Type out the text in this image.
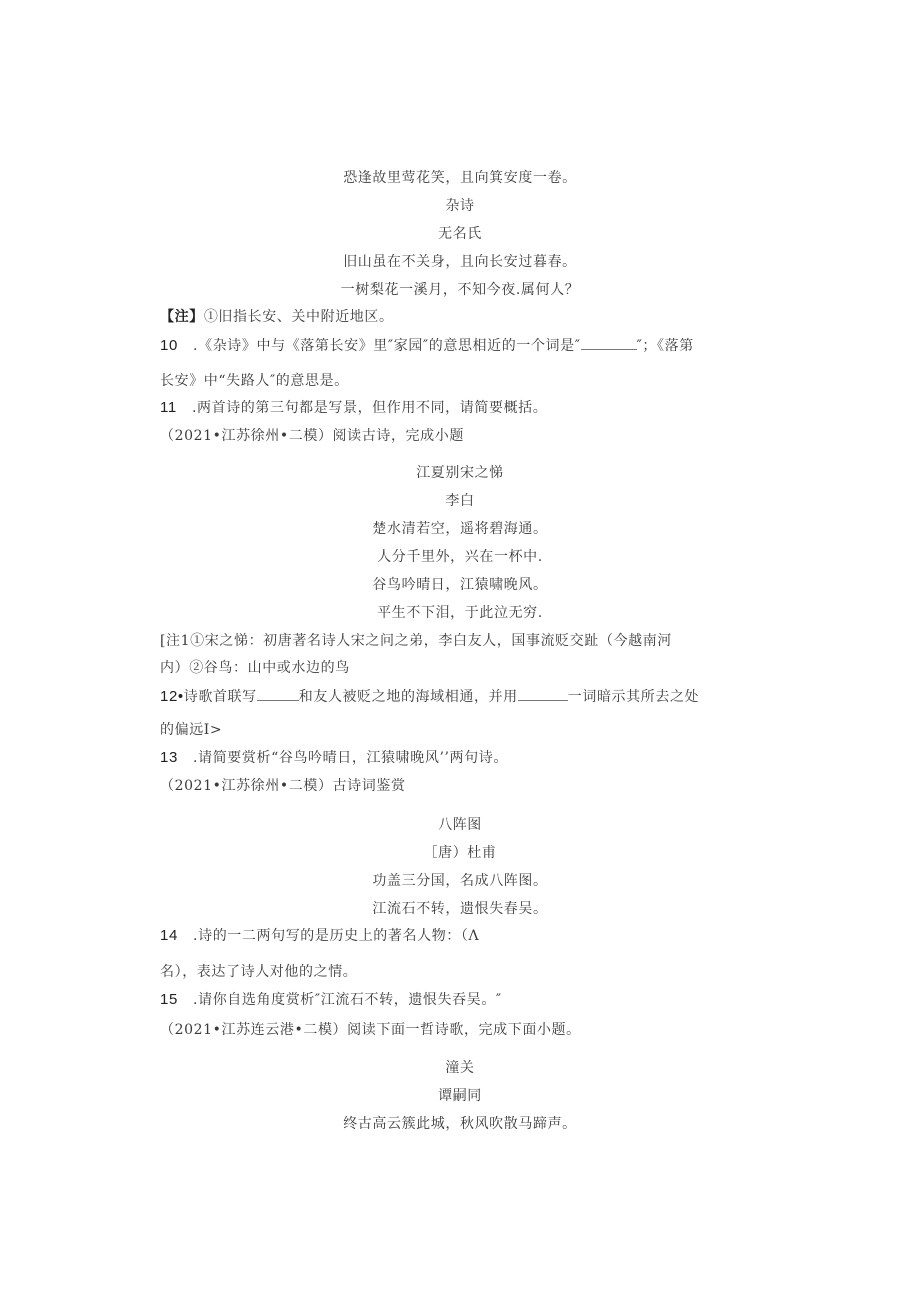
恐逢故里莺花笑，且向箕安度一卷。
杂诗
无名氏
旧山虽在不关身，且向长安过暮春。
一树梨花一溪月，不知今夜.属何人？
【注】①旧指长安、关中附近地区。
10 .《杂诗》中与《落第长安》里″家园″的意思相近的一个词是″	″；《落第
长安》中“失路人″的意思是。
11 .两首诗的第三句都是写景，但作用不同，请简要概括。
（2021•江苏徐州•二模）阅读古诗，完成小题
江夏别宋之悌
李白
楚水清若空，遥将碧海通。
人分千里外，兴在一杯中.
谷鸟吟晴日，江猿啸晚风。
平生不下泪，于此泣无穷.
[注1①宋之悌：初唐著名诗人宋之问之弟，李白友人，国事流贬交趾（今越南河
内）②谷鸟：山中或水边的鸟
12•诗歌首联写	和友人被贬之地的海域相通，并用	一词暗示其所去之处
的偏远I>
13 .请简要赏析“谷鸟吟晴日，江猿啸晚风’’两句诗。
（2021•江苏徐州•二模）古诗词鉴赏
八阵图
［唐）杜甫
功盖三分国，名成八阵图。
江流石不转，遗恨失春吴。
14 .诗的一二两句写的是历史上的著名人物：（Λ
名），表达了诗人对他的之情。
15 .请你自选角度赏析″江流石不转，遗恨失吞吴。″
（2021•江苏连云港•二模）阅读下面一哲诗歌，完成下面小题。
潼关
谭嗣同
终古高云簇此城，秋风吹散马蹄声。
